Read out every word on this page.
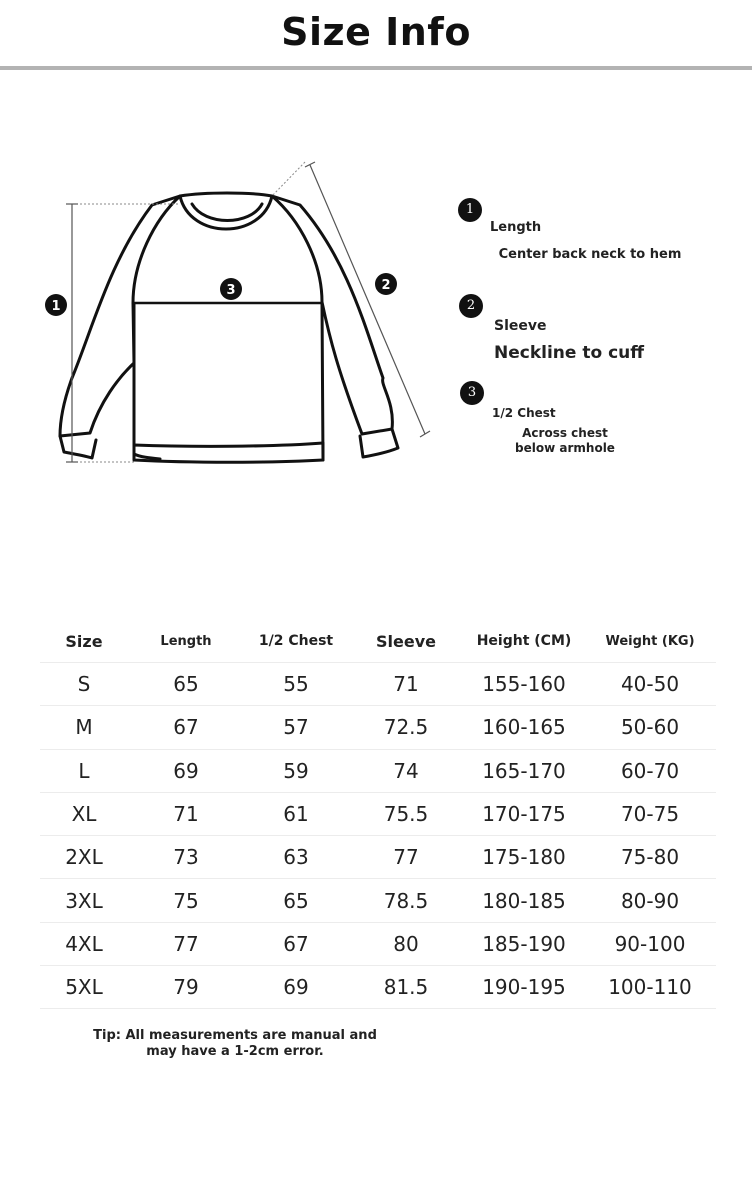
Size Info
1
2
3
1
Length
Center back neck to hem
2
Sleeve
Neckline to cuff
3
1/2 Chest
Across chest
below armhole
Size	Length	1/2 Chest	Sleeve	Height (CM)	Weight (KG)
S	65	55	71	155-160	40-50
M	67	57	72.5	160-165	50-60
L	69	59	74	165-170	60-70
XL	71	61	75.5	170-175	70-75
2XL	73	63	77	175-180	75-80
3XL	75	65	78.5	180-185	80-90
4XL	77	67	80	185-190	90-100
5XL	79	69	81.5	190-195	100-110
Tip: All measurements are manual and
may have a 1-2cm error.
